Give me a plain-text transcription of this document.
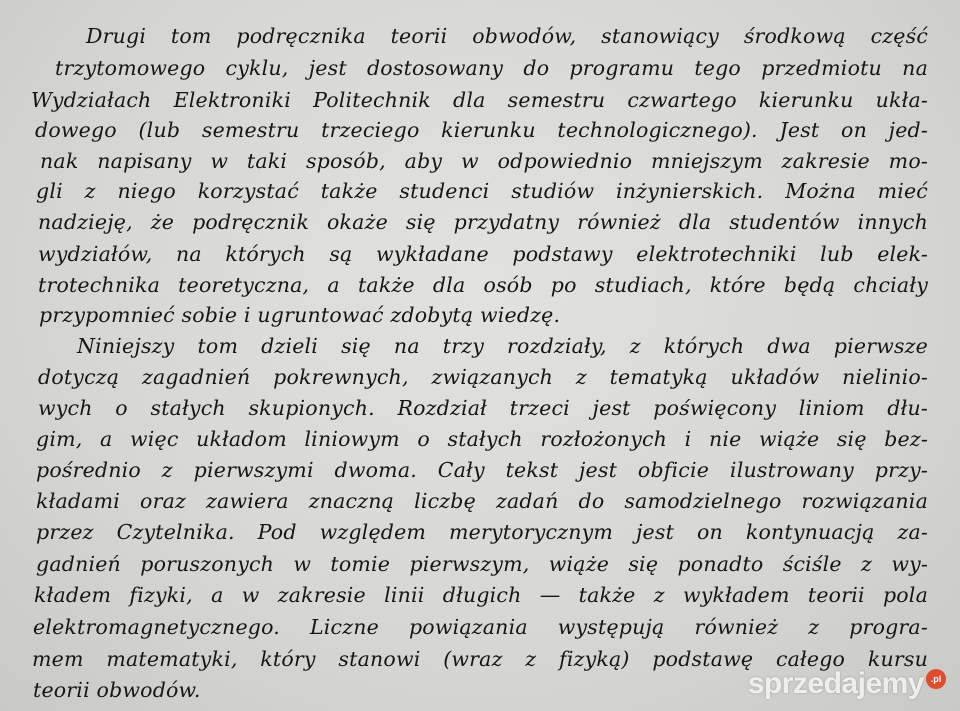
Drugi tom podręcznika teorii obwodów, stanowiący środkową część
trzytomowego cyklu, jest dostosowany do programu tego przedmiotu na
Wydziałach Elektroniki Politechnik dla semestru czwartego kierunku ukła-
dowego (lub semestru trzeciego kierunku technologicznego). Jest on jed-
nak napisany w taki sposób, aby w odpowiednio mniejszym zakresie mo-
gli z niego korzystać także studenci studiów inżynierskich. Można mieć
nadzieję, że podręcznik okaże się przydatny również dla studentów innych
wydziałów, na których są wykładane podstawy elektrotechniki lub elek-
trotechnika teoretyczna, a także dla osób po studiach, które będą chciały
przypomnieć sobie i ugruntować zdobytą wiedzę.
Niniejszy tom dzieli się na trzy rozdziały, z których dwa pierwsze
dotyczą zagadnień pokrewnych, związanych z tematyką układów nielinio-
wych o stałych skupionych. Rozdział trzeci jest poświęcony liniom dłu-
gim, a więc układom liniowym o stałych rozłożonych i nie wiąże się bez-
pośrednio z pierwszymi dwoma. Cały tekst jest obficie ilustrowany przy-
kładami oraz zawiera znaczną liczbę zadań do samodzielnego rozwiązania
przez Czytelnika. Pod względem merytorycznym jest on kontynuacją za-
gadnień poruszonych w tomie pierwszym, wiąże się ponadto ściśle z wy-
kładem fizyki, a w zakresie linii długich — także z wykładem teorii pola
elektromagnetycznego. Liczne powiązania występują również z progra-
mem matematyki, który stanowi (wraz z fizyką) podstawę całego kursu
teorii obwodów.	sprzedajemy .pl
